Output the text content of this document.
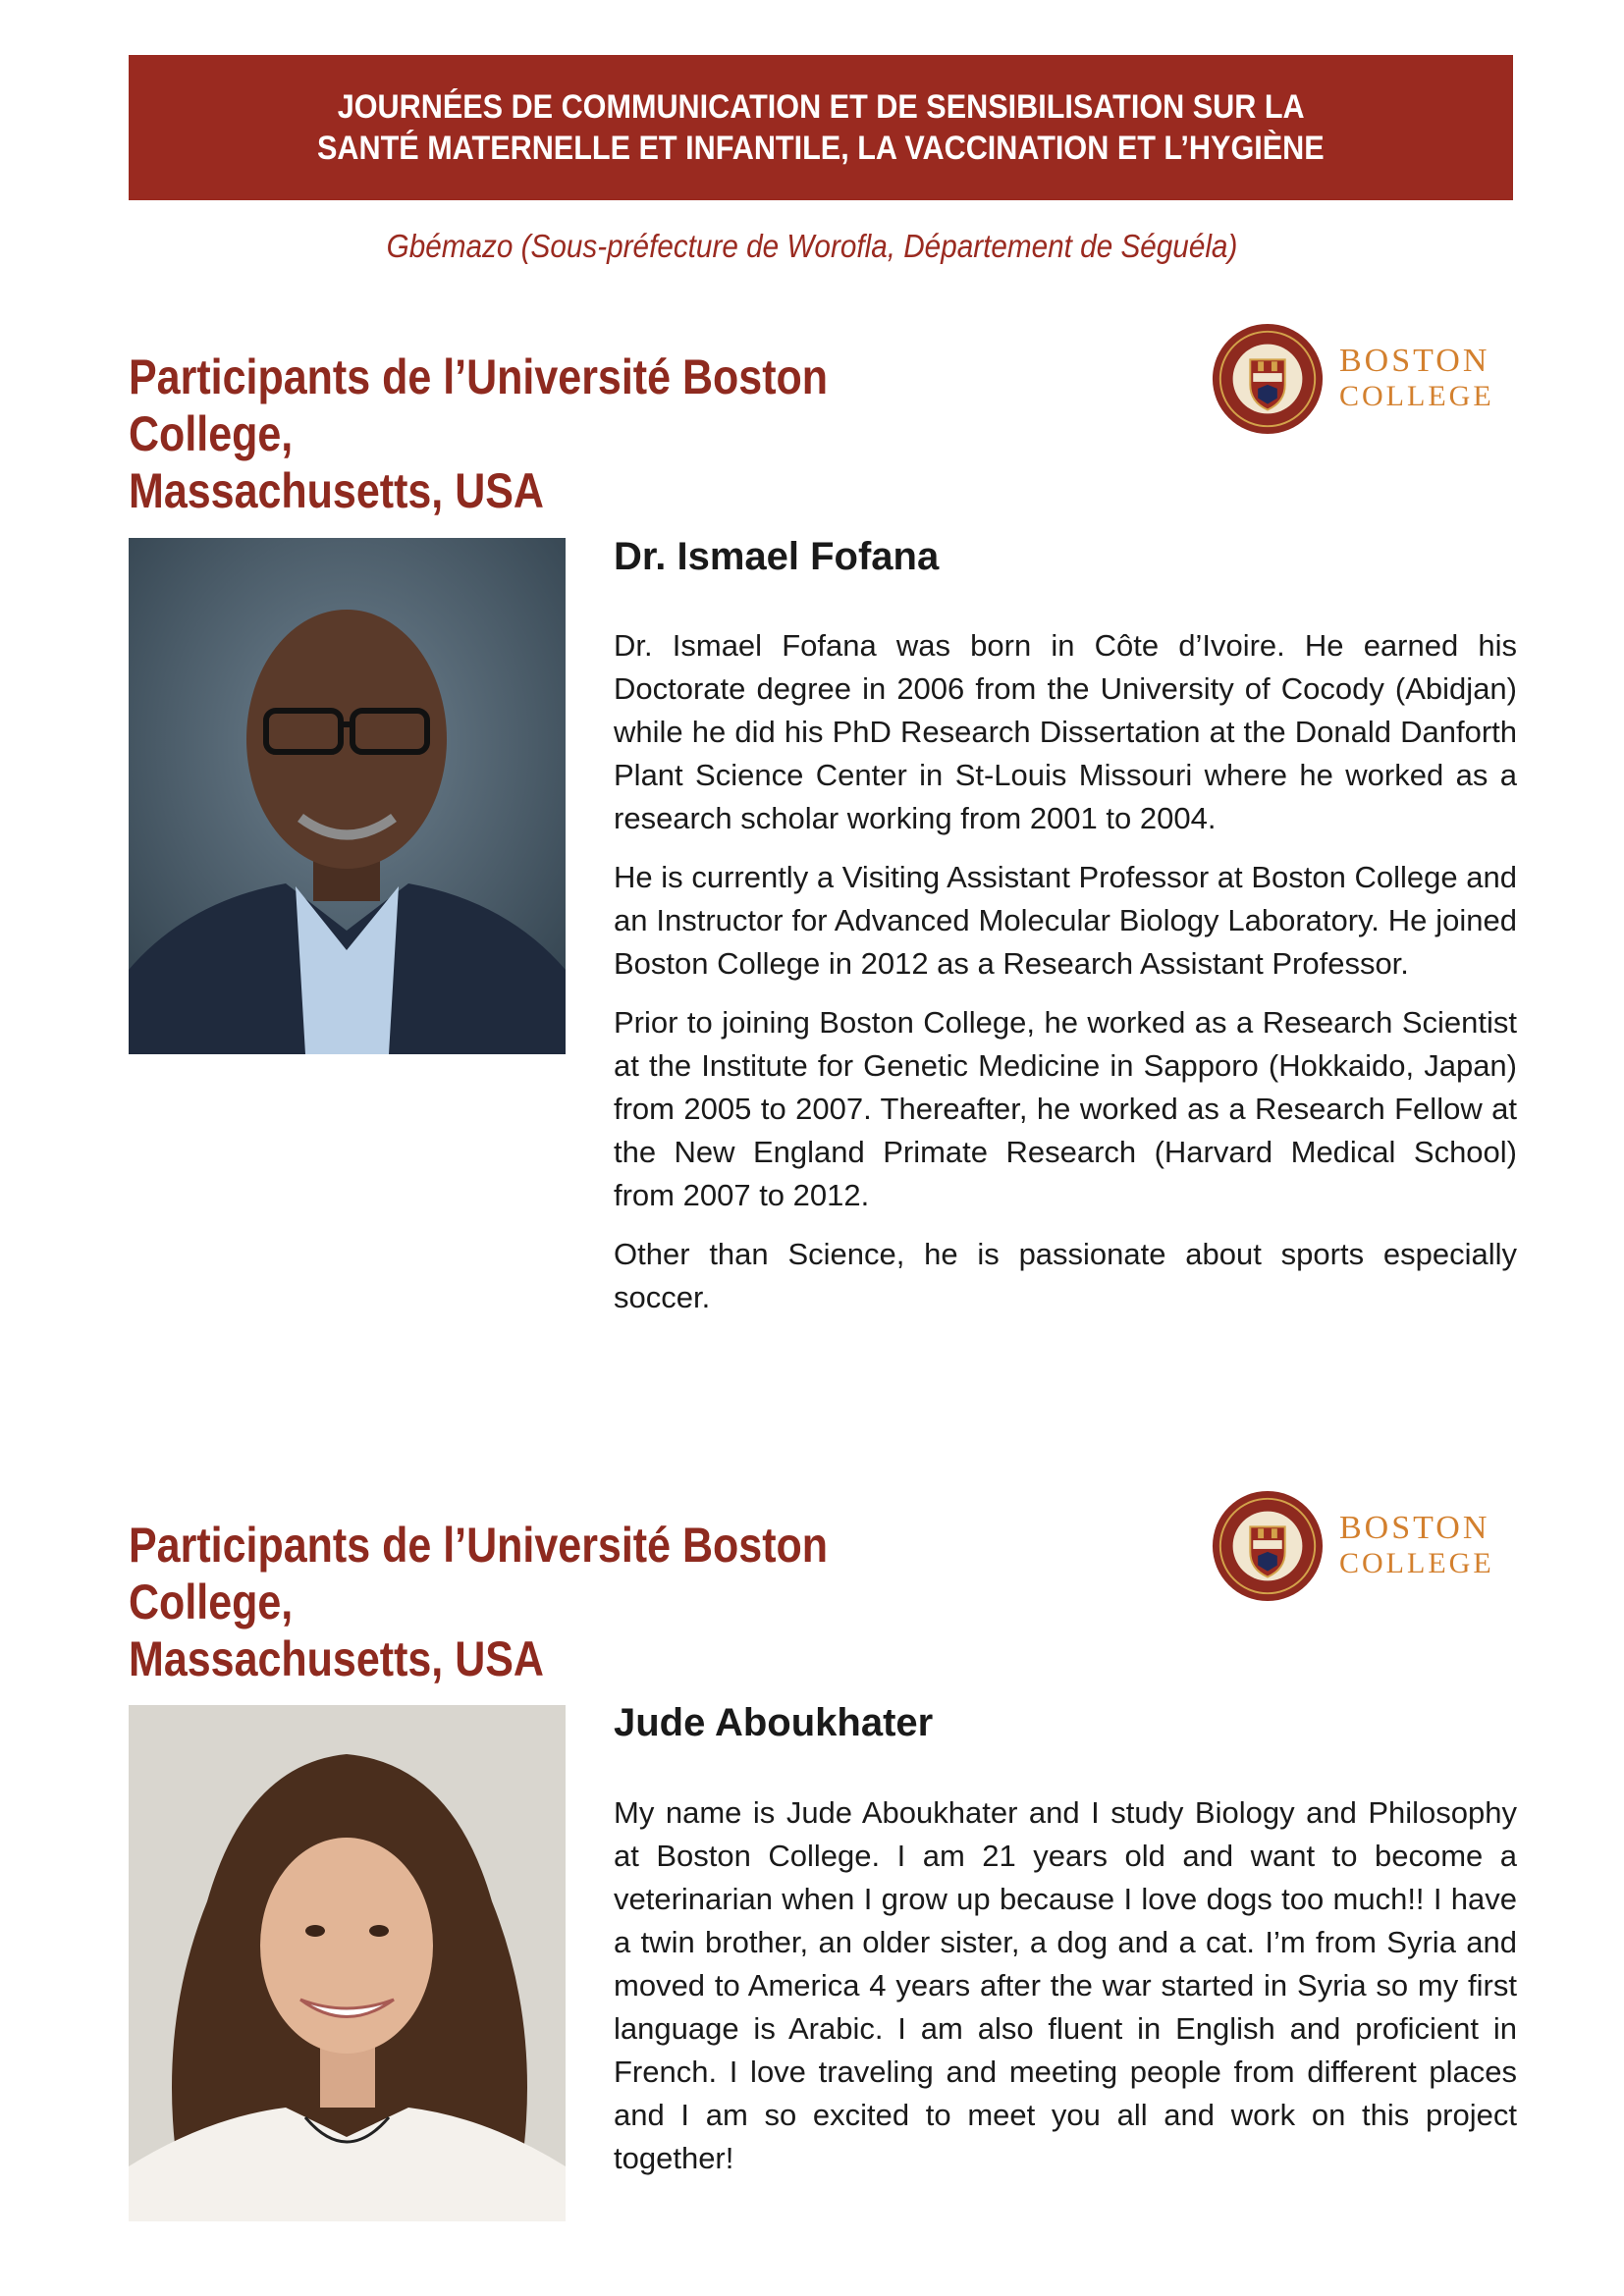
JOURNÉES DE COMMUNICATION ET DE SENSIBILISATION SUR LA
SANTÉ MATERNELLE ET INFANTILE, LA VACCINATION ET L’HYGIÈNE
Gbémazo (Sous-préfecture de Worofla, Département de Séguéla)
Participants de l’Université Boston College,
Massachusetts, USA
BOSTON
COLLEGE
Dr. Ismael Fofana

Dr. Ismael Fofana was born in Côte d’Ivoire. He earned his Doctorate degree in 2006 from the University of Cocody (Abidjan) while he did his PhD Research Dissertation at the Donald Danforth Plant Science Center in St-Louis Missouri where he worked as a research scholar working from 2001 to 2004.

He is currently a Visiting Assistant Professor at Boston College and an Instructor for Advanced Molecular Biology Laboratory. He joined Boston College in 2012 as a Research Assistant Professor.

Prior to joining Boston College, he worked as a Research Scientist at the Institute for Genetic Medicine in Sapporo (Hokkaido, Japan) from 2005 to 2007. Thereafter, he worked as a Research Fellow at the New England Primate Research (Harvard Medical School) from 2007 to 2012.

Other than Science, he is passionate about sports especially soccer.

Participants de l’Université Boston College,
Massachusetts, USA
BOSTON
COLLEGE
Jude Aboukhater

My name is Jude Aboukhater and I study Biology and Philosophy at Boston College. I am 21 years old and want to become a veterinarian when I grow up because I love dogs too much!! I have a twin brother, an older sister, a dog and a cat. I’m from Syria and moved to America 4 years after the war started in Syria so my first language is Arabic. I am also fluent in English and proficient in French. I love traveling and meeting people from different places and I am so excited to meet you all and work on this project together!
